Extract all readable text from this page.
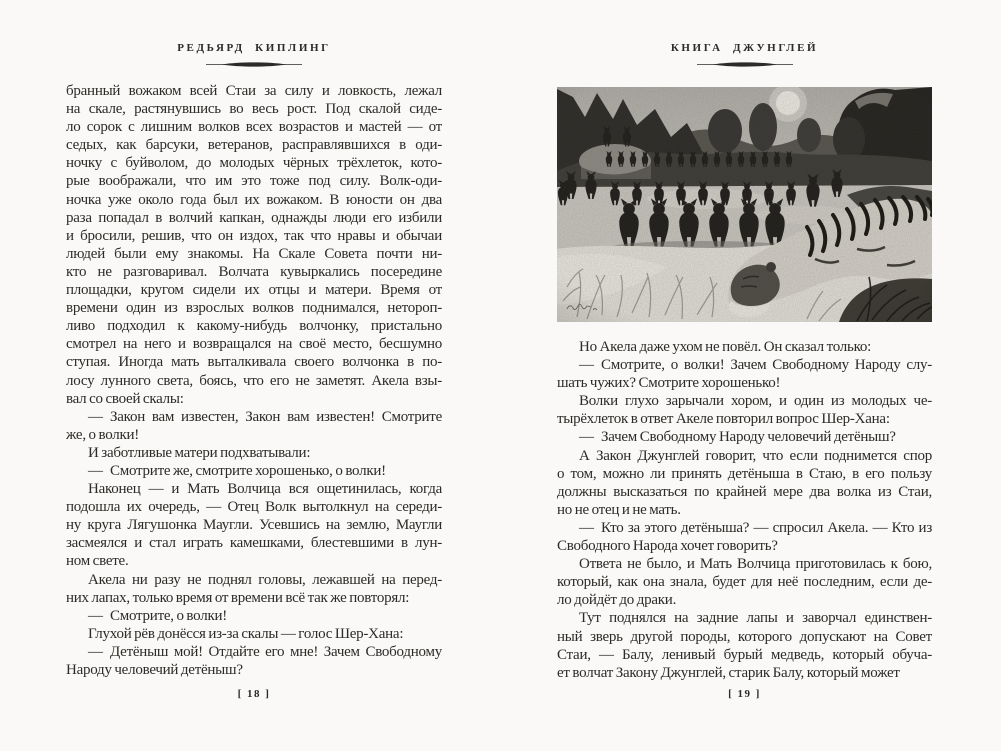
РЕДЬЯРД КИПЛИНГ
бранный вожаком всей Стаи за силу и ловкость, лежал
на скале, растянувшись во весь рост. Под скалой сиде-
ло сорок с лишним волков всех возрастов и мастей — от
седых, как барсуки, ветеранов, расправлявшихся в оди-
ночку с буйволом, до молодых чёрных трёхлеток, кото-
рые воображали, что им это тоже под силу. Волк-оди-
ночка уже около года был их вожаком. В юности он два
раза попадал в волчий капкан, однажды люди его избили
и бросили, решив, что он издох, так что нравы и обычаи
людей были ему знакомы. На Скале Совета почти ни-
кто не разговаривал. Волчата кувыркались посередине
площадки, кругом сидели их отцы и матери. Время от
времени один из взрослых волков поднимался, нетороп-
ливо подходил к какому-нибудь волчонку, пристально
смотрел на него и возвращался на своё место, бесшумно
ступая. Иногда мать выталкивала своего волчонка в по-
лосу лунного света, боясь, что его не заметят. Акела взы-
вал со своей скалы:
— Закон вам известен, Закон вам известен! Смотрите
же, о волки!
И заботливые матери подхватывали:
— Смотрите же, смотрите хорошенько, о волки!
Наконец — и Мать Волчица вся ощетинилась, когда
подошла их очередь, — Отец Волк вытолкнул на середи-
ну круга Лягушонка Маугли. Усевшись на землю, Маугли
засмеялся и стал играть камешками, блестевшими в лун-
ном свете.
Акела ни разу не поднял головы, лежавшей на перед-
них лапах, только время от времени всё так же повторял:
— Смотрите, о волки!
Глухой рёв донёсся из-за скалы — голос Шер-Хана:
— Детёныш мой! Отдайте его мне! Зачем Свободному
Народу человечий детёныш?
[ 18 ]
КНИГА ДЖУНГЛЕЙ
Но Акела даже ухом не повёл. Он сказал только:
— Смотрите, о волки! Зачем Свободному Народу слу-
шать чужих? Смотрите хорошенько!
Волки глухо зарычали хором, и один из молодых че-
тырёхлеток в ответ Акеле повторил вопрос Шер-Хана:
— Зачем Свободному Народу человечий детёныш?
А Закон Джунглей говорит, что если поднимется спор
о том, можно ли принять детёныша в Стаю, в его пользу
должны высказаться по крайней мере два волка из Стаи,
но не отец и не мать.
— Кто за этого детёныша? — спросил Акела. — Кто из
Свободного Народа хочет говорить?
Ответа не было, и Мать Волчица приготовилась к бою,
который, как она знала, будет для неё последним, если де-
ло дойдёт до драки.
Тут поднялся на задние лапы и заворчал единствен-
ный зверь другой породы, которого допускают на Совет
Стаи, — Балу, ленивый бурый медведь, который обуча-
ет волчат Закону Джунглей, старик Балу, который может
[ 19 ]
